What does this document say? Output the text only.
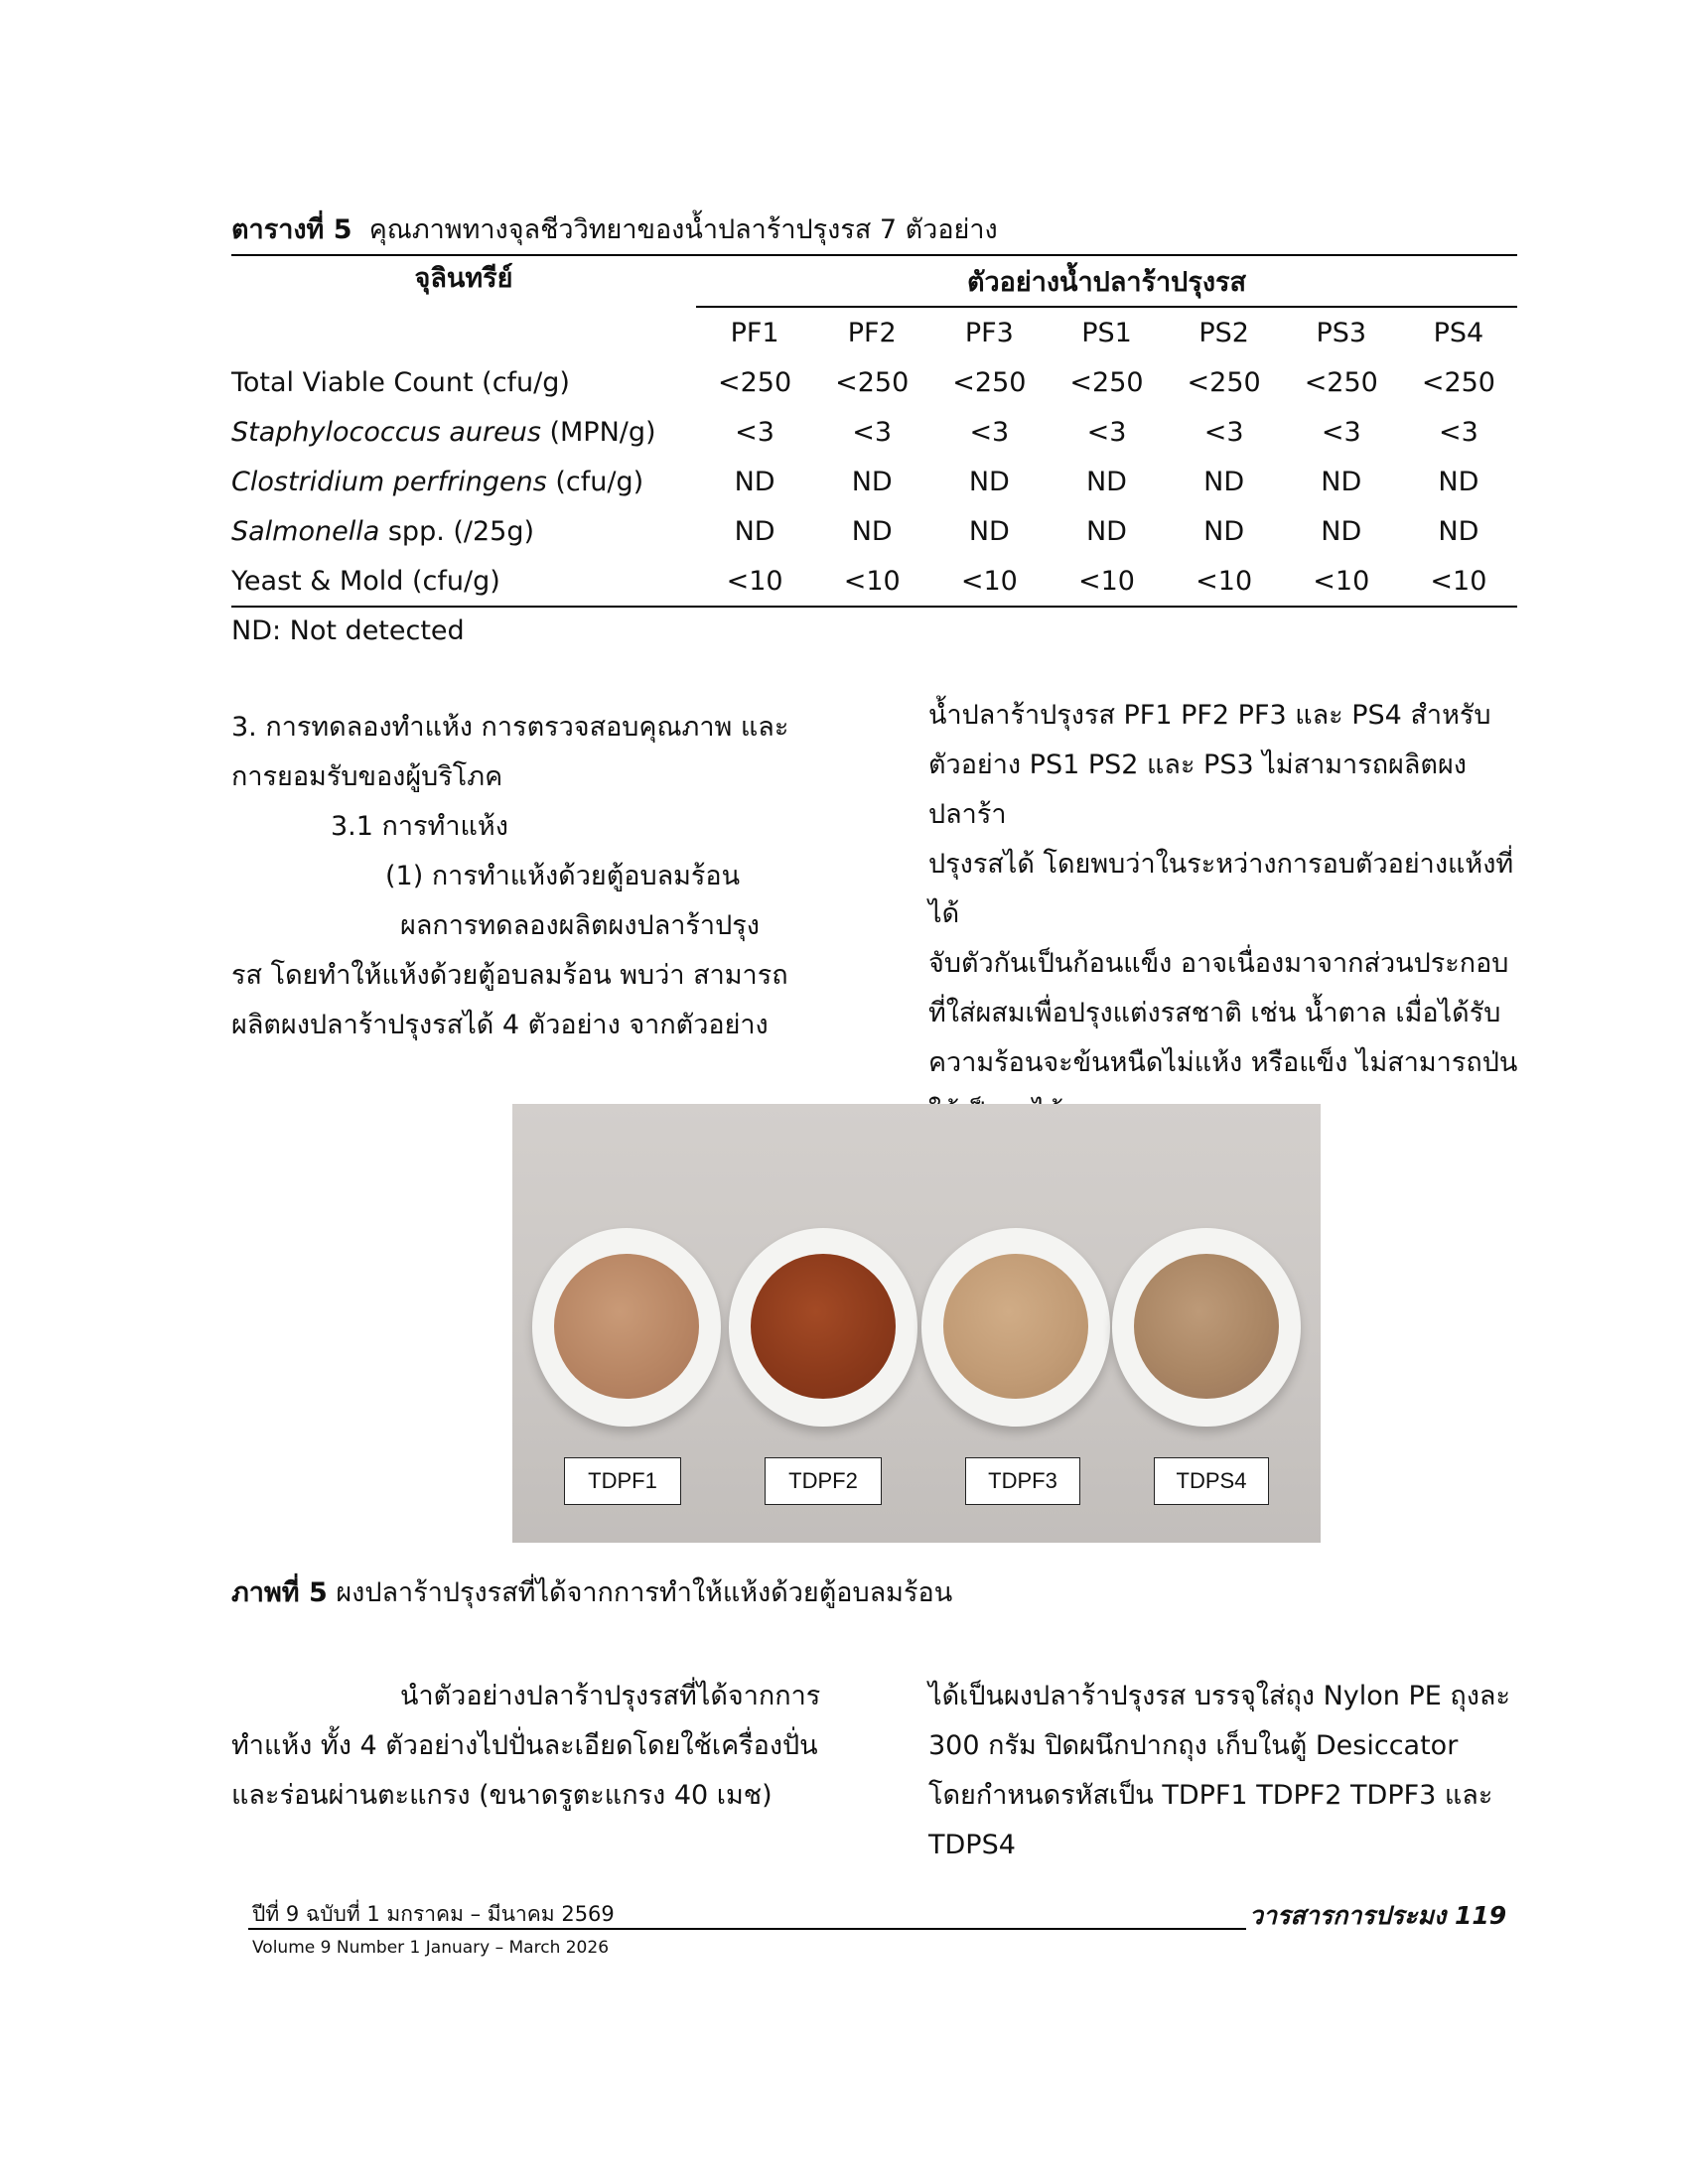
ตารางที่ 5 คุณภาพทางจุลชีววิทยาของน้ำปลาร้าปรุงรส 7 ตัวอย่าง
จุลินทรีย์	ตัวอย่างน้ำปลาร้าปรุงรส						
	PF1	PF2	PF3	PS1	PS2	PS3	PS4
Total Viable Count (cfu/g)	<250	<250	<250	<250	<250	<250	<250
Staphylococcus aureus (MPN/g)	<3	<3	<3	<3	<3	<3	<3
Clostridium perfringens (cfu/g)	ND	ND	ND	ND	ND	ND	ND
Salmonella spp. (/25g)	ND	ND	ND	ND	ND	ND	ND
Yeast & Mold (cfu/g)	<10	<10	<10	<10	<10	<10	<10
ND: Not detected

3. การทดลองทำแห้ง การตรวจสอบคุณภาพ และ

การยอมรับของผู้บริโภค

3.1 การทำแห้ง

(1) การทำแห้งด้วยตู้อบลมร้อน

ผลการทดลองผลิตผงปลาร้าปรุง

รส โดยทำให้แห้งด้วยตู้อบลมร้อน พบว่า สามารถ

ผลิตผงปลาร้าปรุงรสได้ 4 ตัวอย่าง จากตัวอย่าง

น้ำปลาร้าปรุงรส PF1 PF2 PF3 และ PS4 สำหรับ

ตัวอย่าง PS1 PS2 และ PS3 ไม่สามารถผลิตผงปลาร้า

ปรุงรสได้ โดยพบว่าในระหว่างการอบตัวอย่างแห้งที่ได้

จับตัวกันเป็นก้อนแข็ง อาจเนื่องมาจากส่วนประกอบ

ที่ใส่ผสมเพื่อปรุงแต่งรสชาติ เช่น น้ำตาล เมื่อได้รับ

ความร้อนจะข้นหนืดไม่แห้ง หรือแข็ง ไม่สามารถป่น

TDPF1	TDPF2	TDPF3	TDPS4
ภาพที่ 5 ผงปลาร้าปรุงรสที่ได้จากการทำให้แห้งด้วยตู้อบลมร้อน

นำตัวอย่างปลาร้าปรุงรสที่ได้จากการ

ทำแห้ง ทั้ง 4 ตัวอย่างไปปั่นละเอียดโดยใช้เครื่องปั่น

และร่อนผ่านตะแกรง (ขนาดรูตะแกรง 40 เมช)

ได้เป็นผงปลาร้าปรุงรส บรรจุใส่ถุง Nylon PE ถุงละ

300 กรัม ปิดผนึกปากถุง เก็บในตู้ Desiccator

โดยกำหนดรหัสเป็น TDPF1 TDPF2 TDPF3 และ

TDPS4

ปีที่ 9 ฉบับที่ 1 มกราคม – มีนาคม 2569
Volume 9 Number 1 January – March 2026
วารสารการประมง 119
